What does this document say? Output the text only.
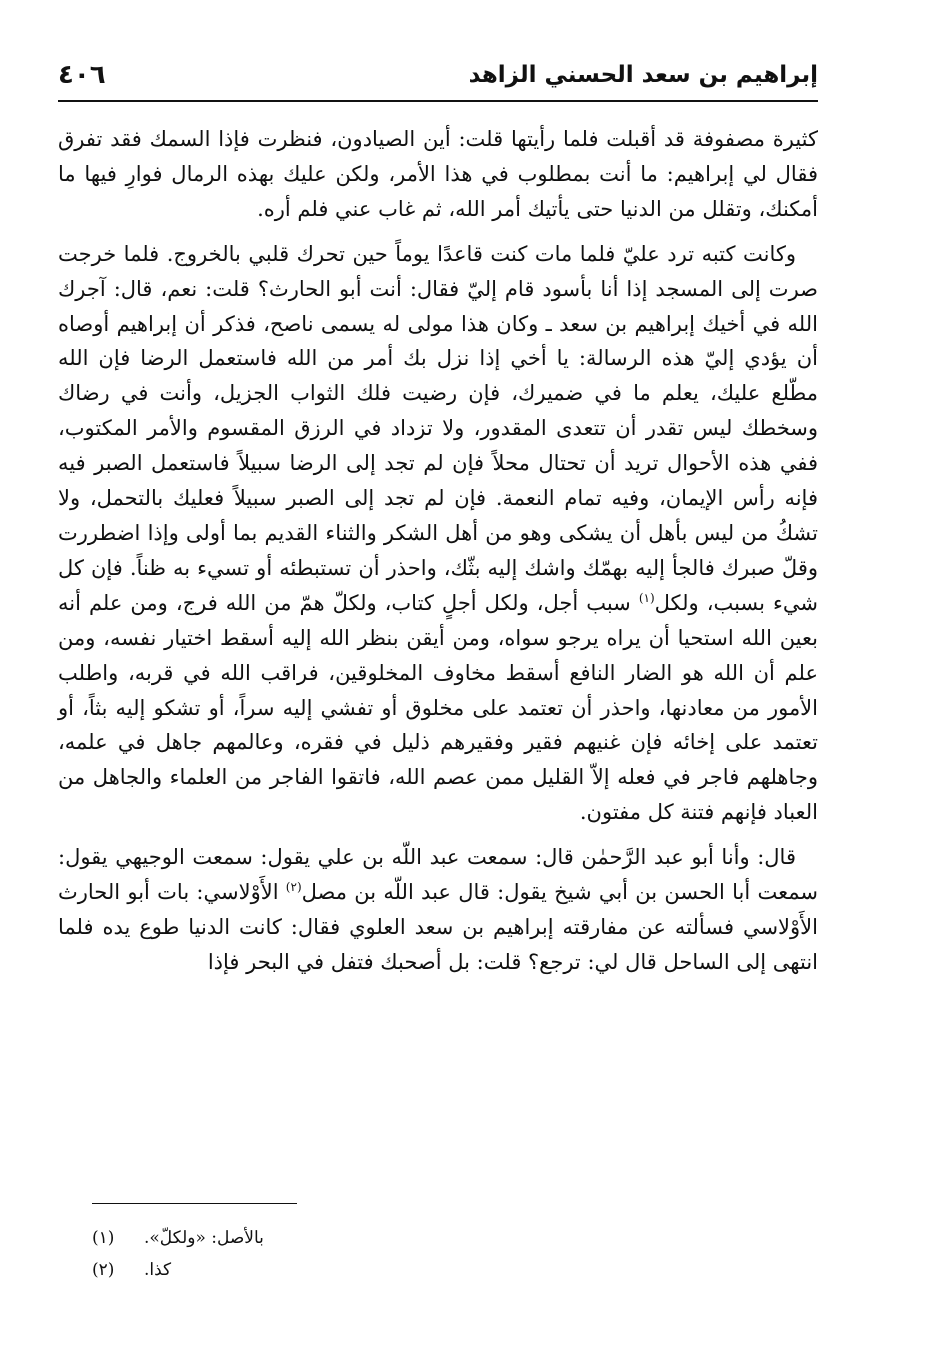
إبراهيم بن سعد الحسني الزاهد
٤٠٦

كثيرة مصفوفة قد أقبلت فلما رأيتها قلت: أين الصيادون، فنظرت فإذا السمك فقد تفرق فقال لي إبراهيم: ما أنت بمطلوب في هذا الأمر، ولكن عليك بهذه الرمال فوارِ فيها ما أمكنك، وتقلل من الدنيا حتى يأتيك أمر الله، ثم غاب عني فلم أره.

وكانت كتبه ترد عليّ فلما مات كنت قاعدًا يوماً حين تحرك قلبي بالخروج. فلما خرجت صرت إلى المسجد إذا أنا بأسود قام إليّ فقال: أنت أبو الحارث؟ قلت: نعم، قال: آجرك الله في أخيك إبراهيم بن سعد ـ وكان هذا مولى له يسمى ناصح، فذكر أن إبراهيم أوصاه أن يؤدي إليّ هذه الرسالة: يا أخي إذا نزل بك أمر من الله فاستعمل الرضا فإن الله مطّلع عليك، يعلم ما في ضميرك، فإن رضيت فلك الثواب الجزيل، وأنت في رضاك وسخطك ليس تقدر أن تتعدى المقدور، ولا تزداد في الرزق المقسوم والأمر المكتوب، ففي هذه الأحوال تريد أن تحتال محلاً فإن لم تجد إلى الرضا سبيلاً فاستعمل الصبر فيه فإنه رأس الإيمان، وفيه تمام النعمة. فإن لم تجد إلى الصبر سبيلاً فعليك بالتحمل، ولا تشكُ من ليس بأهل أن يشكى وهو من أهل الشكر والثناء القديم بما أولى وإذا اضطررت وقلّ صبرك فالجأ إليه بهمّك واشك إليه بثّك، واحذر أن تستبطئه أو تسيء به ظناً. فإن كل شيء بسبب، ولكل$^{(١)}$ سبب أجل، ولكل أجلٍ كتاب، ولكلّ همّ من الله فرج، ومن علم أنه بعين الله استحيا أن يراه يرجو سواه، ومن أيقن بنظر الله إليه أسقط اختيار نفسه، ومن علم أن الله هو الضار النافع أسقط مخاوف المخلوقين، فراقب الله في قربه، واطلب الأمور من معادنها، واحذر أن تعتمد على مخلوق أو تفشي إليه سراً، أو تشكو إليه بثاً، أو تعتمد على إخائه فإن غنيهم فقير وفقيرهم ذليل في فقره، وعالمهم جاهل في علمه، وجاهلهم فاجر في فعله إلاّ القليل ممن عصم الله، فاتقوا الفاجر من العلماء والجاهل من العباد فإنهم فتنة كل مفتون.

قال: وأنا أبو عبد الرَّحمٰن قال: سمعت عبد اللّه بن علي يقول: سمعت الوجيهي يقول: سمعت أبا الحسن بن أبي شيخ يقول: قال عبد اللّه بن مصل$^{(٢)}$ الأَوْلاسي: بات أبو الحارث الأَوْلاسي فسألته عن مفارقته إبراهيم بن سعد العلوي فقال: كانت الدنيا طوع يده فلما انتهى إلى الساحل قال لي: ترجع؟ قلت: بل أصحبك فتفل في البحر فإذا

(١) بالأصل: «ولكلّ».
(٢) كذا.
